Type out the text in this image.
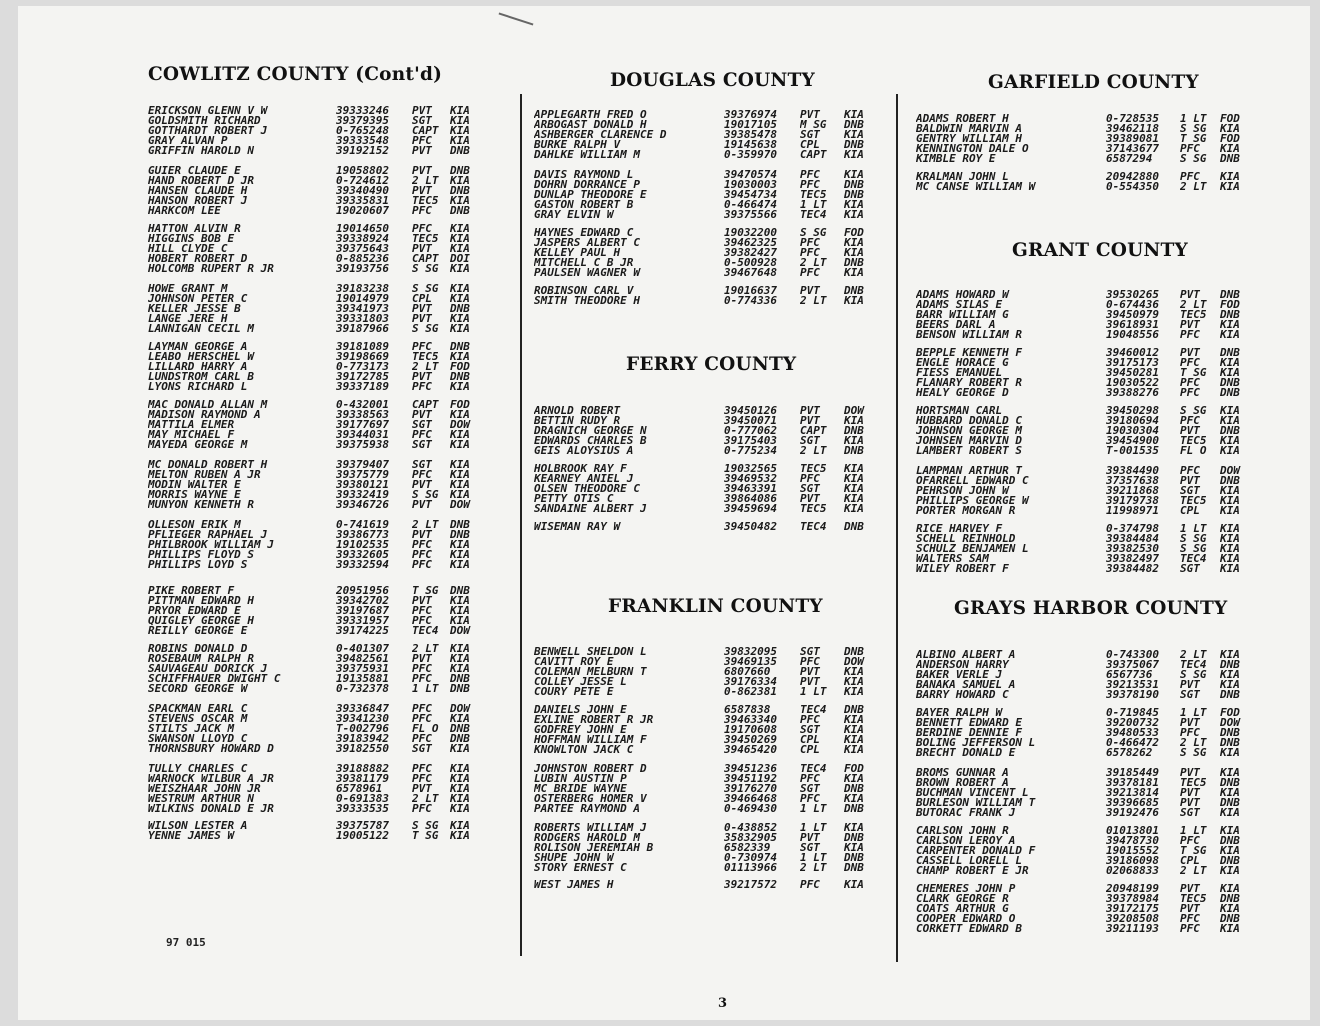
COWLITZ COUNTY (Cont'd)
ERICKSON GLENN V W	39333246	PVT	KIA
GOLDSMITH RICHARD	39379395	SGT	KIA
GOTTHARDT ROBERT J	0-765248	CAPT	KIA
GRAY ALVAN P	39333548	PFC	KIA
GRIFFIN HAROLD N	39192152	PVT	DNB
GUIER CLAUDE E	19058802	PVT	DNB
HAND ROBERT D JR	0-724612	2 LT	KIA
HANSEN CLAUDE H	39340490	PVT	DNB
HANSON ROBERT J	39335831	TEC5	KIA
HARKCOM LEE	19020607	PFC	DNB
HATTON ALVIN R	19014650	PFC	KIA
HIGGINS BOB E	39338924	TEC5	KIA
HILL CLYDE C	39375643	PVT	KIA
HOBERT ROBERT D	0-885236	CAPT	DOI
HOLCOMB RUPERT R JR	39193756	S SG	KIA
HOWE GRANT M	39183238	S SG	KIA
JOHNSON PETER C	19014979	CPL	KIA
KELLER JESSE B	39341973	PVT	DNB
LANGE JERE H	39331803	PVT	KIA
LANNIGAN CECIL M	39187966	S SG	KIA
LAYMAN GEORGE A	39181089	PFC	DNB
LEABO HERSCHEL W	39198669	TEC5	KIA
LILLARD HARRY A	0-773173	2 LT	FOD
LUNDSTROM CARL B	39172785	PVT	DNB
LYONS RICHARD L	39337189	PFC	KIA
MAC DONALD ALLAN M	0-432001	CAPT	FOD
MADISON RAYMOND A	39338563	PVT	KIA
MATTILA ELMER	39177697	SGT	DOW
MAY MICHAEL F	39344031	PFC	KIA
MAYEDA GEORGE M	39375938	SGT	KIA
MC DONALD ROBERT H	39379407	SGT	KIA
MELTON RUBEN A JR	39375779	PFC	KIA
MODIN WALTER E	39380121	PVT	KIA
MORRIS WAYNE E	39332419	S SG	KIA
MUNYON KENNETH R	39346726	PVT	DOW
OLLESON ERIK M	0-741619	2 LT	DNB
PFLIEGER RAPHAEL J	39386773	PVT	DNB
PHILBROOK WILLIAM J	19102535	PFC	KIA
PHILLIPS FLOYD S	39332605	PFC	KIA
PHILLIPS LOYD S	39332594	PFC	KIA
PIKE ROBERT F	20951956	T SG	DNB
PITTMAN EDWARD H	39342702	PVT	KIA
PRYOR EDWARD E	39197687	PFC	KIA
QUIGLEY GEORGE H	39331957	PFC	KIA
REILLY GEORGE E	39174225	TEC4	DOW
ROBINS DONALD D	0-401307	2 LT	KIA
ROSEBAUM RALPH R	39482561	PVT	KIA
SAUVAGEAU DORICK J	39375931	PFC	KIA
SCHIFFHAUER DWIGHT C	19135881	PFC	DNB
SECORD GEORGE W	0-732378	1 LT	DNB
SPACKMAN EARL C	39336847	PFC	DOW
STEVENS OSCAR M	39341230	PFC	KIA
STILTS JACK M	T-002796	FL O	DNB
SWANSON LLOYD C	39183942	PFC	DNB
THORNSBURY HOWARD D	39182550	SGT	KIA
TULLY CHARLES C	39188882	PFC	KIA
WARNOCK WILBUR A JR	39381179	PFC	KIA
WEISZHAAR JOHN JR	6578961	PVT	KIA
WESTRUM ARTHUR N	0-691383	2 LT	KIA
WILKINS DONALD E JR	39333535	PFC	KIA
WILSON LESTER A	39375787	S SG	KIA
YENNE JAMES W	19005122	T SG	KIA
DOUGLAS COUNTY
APPLEGARTH FRED O	39376974	PVT	KIA
ARBOGAST DONALD H	19017105	M SG	DNB
ASHBERGER CLARENCE D	39385478	SGT	KIA
BURKE RALPH V	19145638	CPL	DNB
DAHLKE WILLIAM M	0-359970	CAPT	KIA
DAVIS RAYMOND L	39470574	PFC	KIA
DOHRN DORRANCE P	19030003	PFC	DNB
DUNLAP THEODORE E	39454734	TEC5	DNB
GASTON ROBERT B	0-466474	1 LT	KIA
GRAY ELVIN W	39375566	TEC4	KIA
HAYNES EDWARD C	19032200	S SG	FOD
JASPERS ALBERT C	39462325	PFC	KIA
KELLEY PAUL H	39382427	PFC	KIA
MITCHELL C B JR	0-500928	2 LT	DNB
PAULSEN WAGNER W	39467648	PFC	KIA
ROBINSON CARL V	19016637	PVT	DNB
SMITH THEODORE H	0-774336	2 LT	KIA
FERRY COUNTY
ARNOLD ROBERT	39450126	PVT	DOW
BETTIN RUDY R	39450071	PVT	KIA
DRAGNICH GEORGE N	0-777062	CAPT	DNB
EDWARDS CHARLES B	39175403	SGT	KIA
GEIS ALOYSIUS A	0-775234	2 LT	DNB
HOLBROOK RAY F	19032565	TEC5	KIA
KEARNEY ANIEL J	39469532	PFC	KIA
OLSEN THEODORE C	39463391	SGT	KIA
PETTY OTIS C	39864086	PVT	KIA
SANDAINE ALBERT J	39459694	TEC5	KIA
WISEMAN RAY W	39450482	TEC4	DNB
FRANKLIN COUNTY
BENWELL SHELDON L	39832095	SGT	DNB
CAVITT ROY E	39469135	PFC	DOW
COLEMAN MELBURN T	6807660	PVT	KIA
COLLEY JESSE L	39176334	PVT	KIA
COURY PETE E	0-862381	1 LT	KIA
DANIELS JOHN E	6587838	TEC4	DNB
EXLINE ROBERT R JR	39463340	PFC	KIA
GODFREY JOHN E	19170608	SGT	KIA
HOFFMAN WILLIAM F	39450269	CPL	KIA
KNOWLTON JACK C	39465420	CPL	KIA
JOHNSTON ROBERT D	39451236	TEC4	FOD
LUBIN AUSTIN P	39451192	PFC	KIA
MC BRIDE WAYNE	39176270	SGT	DNB
OSTERBERG HOMER V	39466468	PFC	KIA
PARTEE RAYMOND A	0-469430	1 LT	DNB
ROBERTS WILLIAM J	0-438852	1 LT	KIA
RODGERS HAROLD M	35832905	PVT	DNB
ROLISON JEREMIAH B	6582339	SGT	KIA
SHUPE JOHN W	0-730974	1 LT	DNB
STORY ERNEST C	01113966	2 LT	DNB
WEST JAMES H	39217572	PFC	KIA
GARFIELD COUNTY
ADAMS ROBERT H	0-728535	1 LT	FOD
BALDWIN MARVIN A	39462118	S SG	KIA
GENTRY WILLIAM H	39389081	T SG	FOD
KENNINGTON DALE O	37143677	PFC	KIA
KIMBLE ROY E	6587294	S SG	DNB
KRALMAN JOHN L	20942880	PFC	KIA
MC CANSE WILLIAM W	0-554350	2 LT	KIA
GRANT COUNTY
ADAMS HOWARD W	39530265	PVT	DNB
ADAMS SILAS E	0-674436	2 LT	FOD
BARR WILLIAM G	39450979	TEC5	DNB
BEERS DARL A	39618931	PVT	KIA
BENSON WILLIAM R	19048556	PFC	KIA
BEPPLE KENNETH F	39460012	PVT	DNB
ENGLE HORACE G	39175173	PFC	KIA
FIESS EMANUEL	39450281	T SG	KIA
FLANARY ROBERT R	19030522	PFC	DNB
HEALY GEORGE D	39388276	PFC	DNB
HORTSMAN CARL	39450298	S SG	KIA
HUBBARD DONALD C	39180694	PFC	KIA
JOHNSON GEORGE M	19030304	PVT	DNB
JOHNSEN MARVIN D	39454900	TEC5	KIA
LAMBERT ROBERT S	T-001535	FL O	KIA
LAMPMAN ARTHUR T	39384490	PFC	DOW
OFARRELL EDWARD C	37357638	PVT	DNB
PEHRSON JOHN W	39211868	SGT	KIA
PHILLIPS GEORGE W	39179738	TEC5	KIA
PORTER MORGAN R	11998971	CPL	KIA
RICE HARVEY F	0-374798	1 LT	KIA
SCHELL REINHOLD	39384484	S SG	KIA
SCHULZ BENJAMEN L	39382530	S SG	KIA
WALTERS SAM	39382497	TEC4	KIA
WILEY ROBERT F	39384482	SGT	KIA
GRAYS HARBOR COUNTY
ALBINO ALBERT A	0-743300	2 LT	KIA
ANDERSON HARRY	39375067	TEC4	DNB
BAKER VERLE J	6567736	S SG	KIA
BANAKA SAMUEL A	39213531	PVT	KIA
BARRY HOWARD C	39378190	SGT	DNB
BAYER RALPH W	0-719845	1 LT	FOD
BENNETT EDWARD E	39200732	PVT	DOW
BERDINE DENNIE F	39480533	PFC	DNB
BOLING JEFFERSON L	0-466472	2 LT	DNB
BRECHT DONALD E	6578262	S SG	KIA
BROMS GUNNAR A	39185449	PVT	KIA
BROWN ROBERT A	39378181	TEC5	DNB
BUCHMAN VINCENT L	39213814	PVT	KIA
BURLESON WILLIAM T	39396685	PVT	DNB
BUTORAC FRANK J	39192476	SGT	KIA
CARLSON JOHN R	01013801	1 LT	KIA
CARLSON LEROY A	39478730	PFC	DNB
CARPENTER DONALD F	19015552	T SG	KIA
CASSELL LORELL L	39186098	CPL	DNB
CHAMP ROBERT E JR	02068833	2 LT	KIA
CHEMERES JOHN P	20948199	PVT	KIA
CLARK GEORGE R	39378984	TEC5	DNB
COATS ARTHUR G	39172175	PVT	KIA
COOPER EDWARD O	39208508	PFC	DNB
CORKETT EDWARD B	39211193	PFC	KIA
97 015
3
